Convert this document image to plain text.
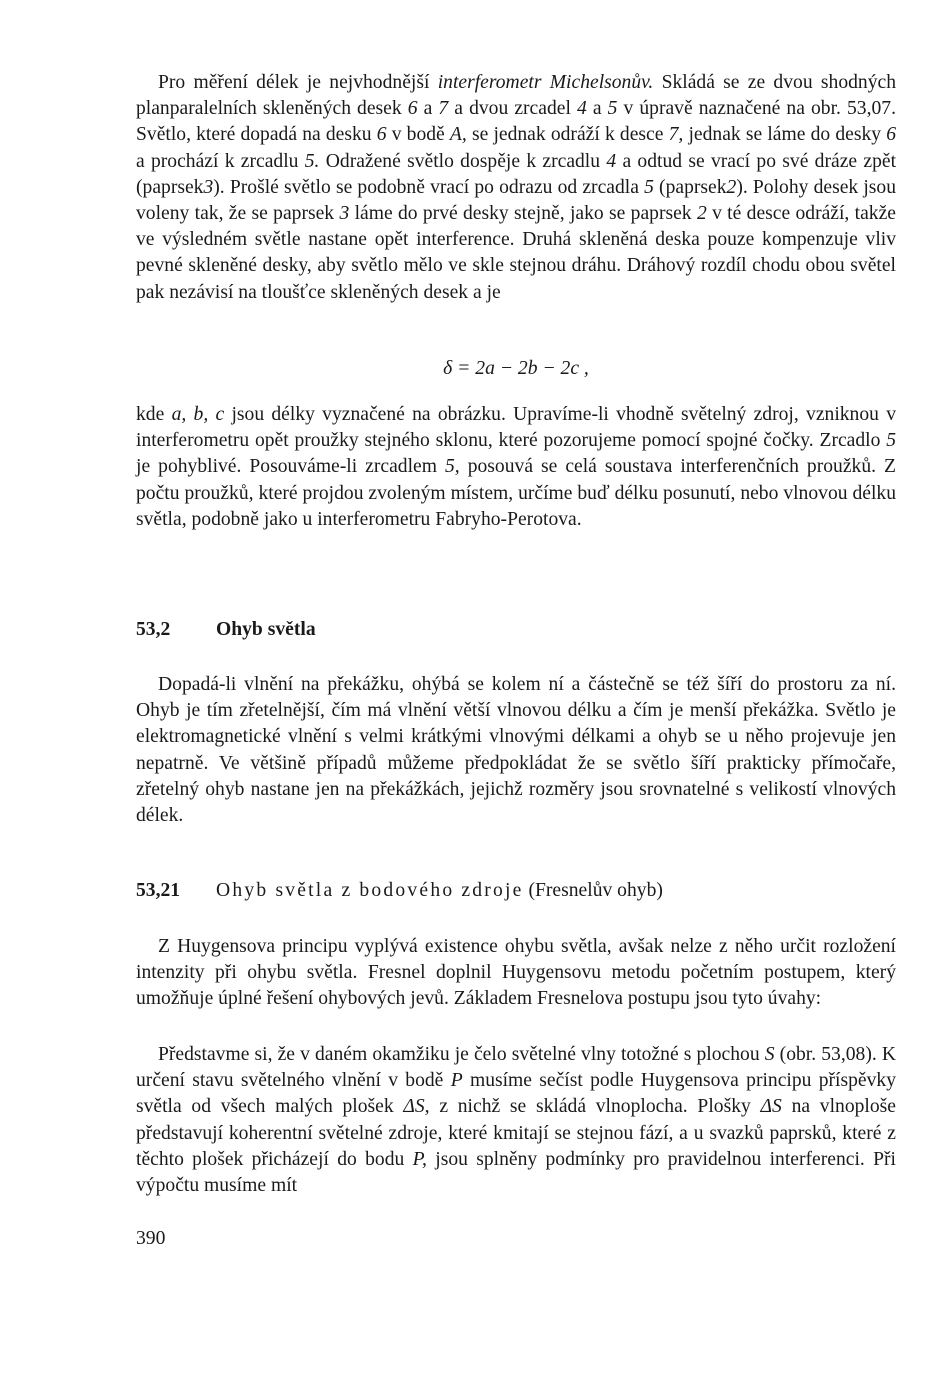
Pro měření délek je nejvhodnější interferometr Michelsonův. Skládá se ze dvou shodných planparalelních skleněných desek 6 a 7 a dvou zrcadel 4 a 5 v úpravě naznačené na obr. 53,07. Světlo, které dopadá na desku 6 v bodě A, se jednak odráží k desce 7, jednak se láme do desky 6 a prochází k zrcadlu 5. Odražené světlo dospěje k zrcadlu 4 a odtud se vrací po své dráze zpět (paprsek3). Prošlé světlo se podobně vrací po odrazu od zrcadla 5 (paprsek2). Polohy desek jsou voleny tak, že se paprsek 3 láme do prvé desky stejně, jako se paprsek 2 v té desce odráží, takže ve výsledném světle nastane opět interference. Druhá skleněná deska pouze kompenzuje vliv pevné skleněné desky, aby světlo mělo ve skle stejnou dráhu. Dráhový rozdíl chodu obou světel pak nezávisí na tloušťce skleněných desek a je

δ = 2a − 2b − 2c ,

kde a, b, c jsou délky vyznačené na obrázku. Upravíme-li vhodně světelný zdroj, vzniknou v interferometru opět proužky stejného sklonu, které pozorujeme pomocí spojné čočky. Zrcadlo 5 je pohyblivé. Posouváme-li zrcadlem 5, posouvá se celá soustava interferenčních proužků. Z počtu proužků, které projdou zvoleným místem, určíme buď délku posunutí, nebo vlnovou délku světla, podobně jako u interferometru Fabryho-Perotova.

53,2 Ohyb světla

Dopadá-li vlnění na překážku, ohýbá se kolem ní a částečně se též šíří do prostoru za ní. Ohyb je tím zřetelnější, čím má vlnění větší vlnovou délku a čím je menší překážka. Světlo je elektromagnetické vlnění s velmi krátkými vlnovými délkami a ohyb se u něho projevuje jen nepatrně. Ve většině případů můžeme předpokládat že se světlo šíří prakticky přímočaře, zřetelný ohyb nastane jen na překážkách, jejichž rozměry jsou srovnatelné s velikostí vlnových délek.

53,21 Ohyb světla z bodového zdroje (Fresnelův ohyb)

Z Huygensova principu vyplývá existence ohybu světla, avšak nelze z něho určit rozložení intenzity při ohybu světla. Fresnel doplnil Huygensovu metodu početním postupem, který umožňuje úplné řešení ohybových jevů. Základem Fresnelova postupu jsou tyto úvahy:

Představme si, že v daném okamžiku je čelo světelné vlny totožné s plochou S (obr. 53,08). K určení stavu světelného vlnění v bodě P musíme sečíst podle Huygensova principu příspěvky světla od všech malých plošek ΔS, z nichž se skládá vlnoplocha. Plošky ΔS na vlnoploše představují koherentní světelné zdroje, které kmitají se stejnou fází, a u svazků paprsků, které z těchto plošek přicházejí do bodu P, jsou splněny podmínky pro pravidelnou interferenci. Při výpočtu musíme mít

390
